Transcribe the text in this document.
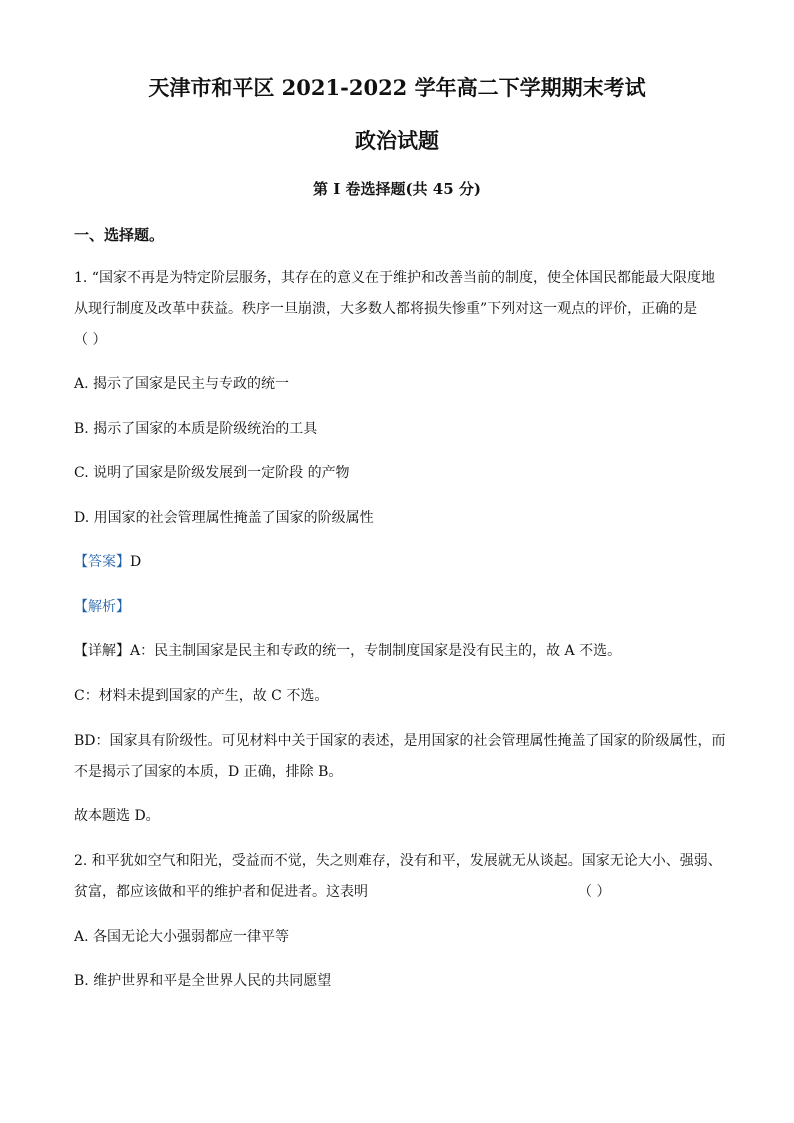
天津市和平区 2021-2022 学年高二下学期期末考试
政治试题
第 I 卷选择题(共 45 分)
一、选择题。
1. “国家不再是为特定阶层服务，其存在的意义在于维护和改善当前的制度，使全体国民都能最大限度地
从现行制度及改革中获益。秩序一旦崩溃，大多数人都将损失惨重”下列对这一观点的评价，正确的是
（ ）
A. 揭示了国家是民主与专政的统一
B. 揭示了国家的本质是阶级统治的工具
C. 说明了国家是阶级发展到一定阶段 的产物
D. 用国家的社会管理属性掩盖了国家的阶级属性
【答案】D
【解析】
【详解】A：民主制国家是民主和专政的统一，专制制度国家是没有民主的，故 A 不选。
C：材料未提到国家的产生，故 C 不选。
BD：国家具有阶级性。可见材料中关于国家的表述，是用国家的社会管理属性掩盖了国家的阶级属性，而
不是揭示了国家的本质，D 正确，排除 B。
故本题选 D。
2. 和平犹如空气和阳光，受益而不觉，失之则难存，没有和平，发展就无从谈起。国家无论大小、强弱、
贫富，都应该做和平的维护者和促进者。这表明	（ ）
A. 各国无论大小强弱都应一律平等
B. 维护世界和平是全世界人民的共同愿望
